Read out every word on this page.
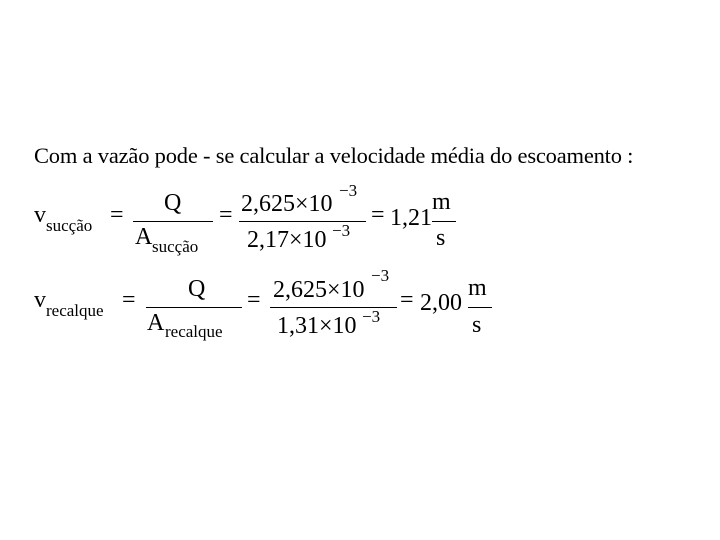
Com a vazão pode - se calcular a velocidade média do escoamento :
v sucção = Q
A sucção
= 2,625×10
−3
2,17×10 −3
= 1,21
m
s
v recalque = Q
A recalque
= 2,625×10
−3
1,31×10 −3
= 2,00
m
s
